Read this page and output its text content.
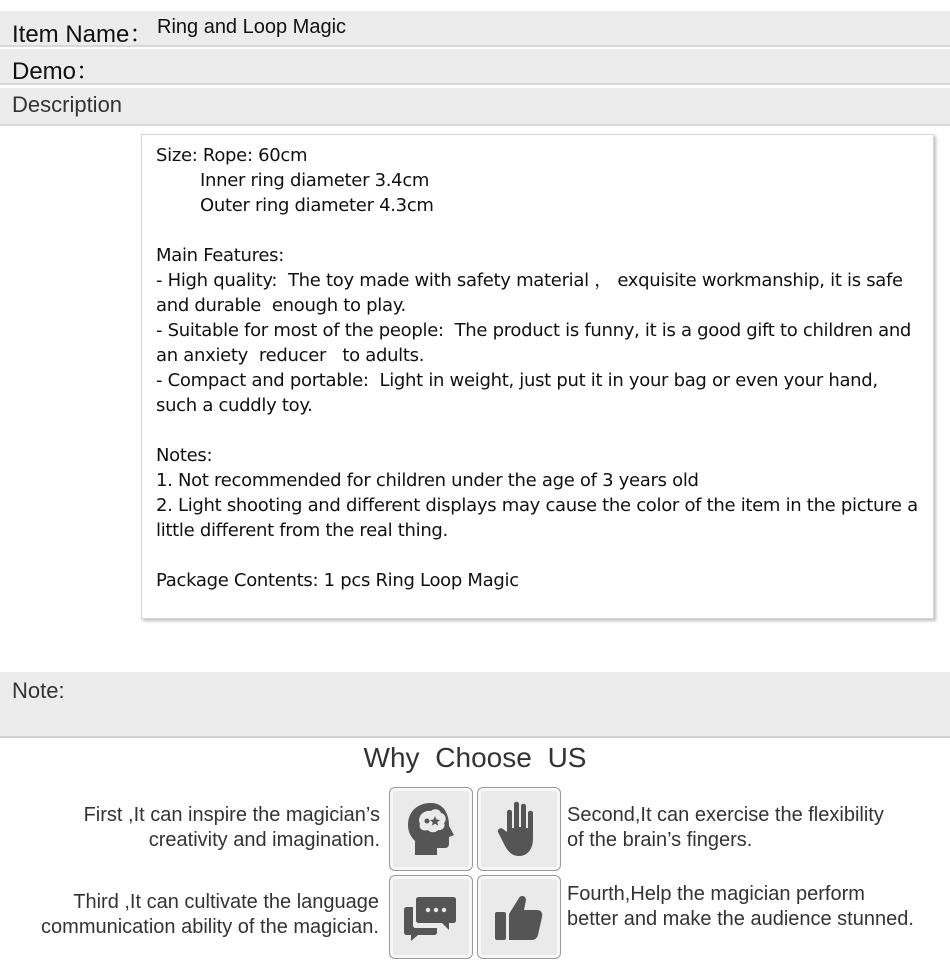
Item Name： Ring and Loop Magic
Demo：
Description
Size: Rope: 60cm
Inner ring diameter 3.4cm
Outer ring diameter 4.3cm
Main Features:
- High quality:  The toy made with safety material ， exquisite workmanship, it is safe
and durable  enough to play.
- Suitable for most of the people:  The product is funny, it is a good gift to children and
an anxiety  reducer   to adults.
- Compact and portable:  Light in weight, just put it in your bag or even your hand,
such a cuddly toy.
Notes:
1. Not recommended for children under the age of 3 years old
2. Light shooting and different displays may cause the color of the item in the picture a
little different from the real thing.
Package Contents: 1 pcs Ring Loop Magic
Note:
Why Choose US
First ,It can inspire the magician’s
creativity and imagination.
Second,It can exercise the flexibility
of the brain’s fingers.
Third ,It can cultivate the language
communication ability of the magician.
Fourth,Help the magician perform
better and make the audience stunned.
